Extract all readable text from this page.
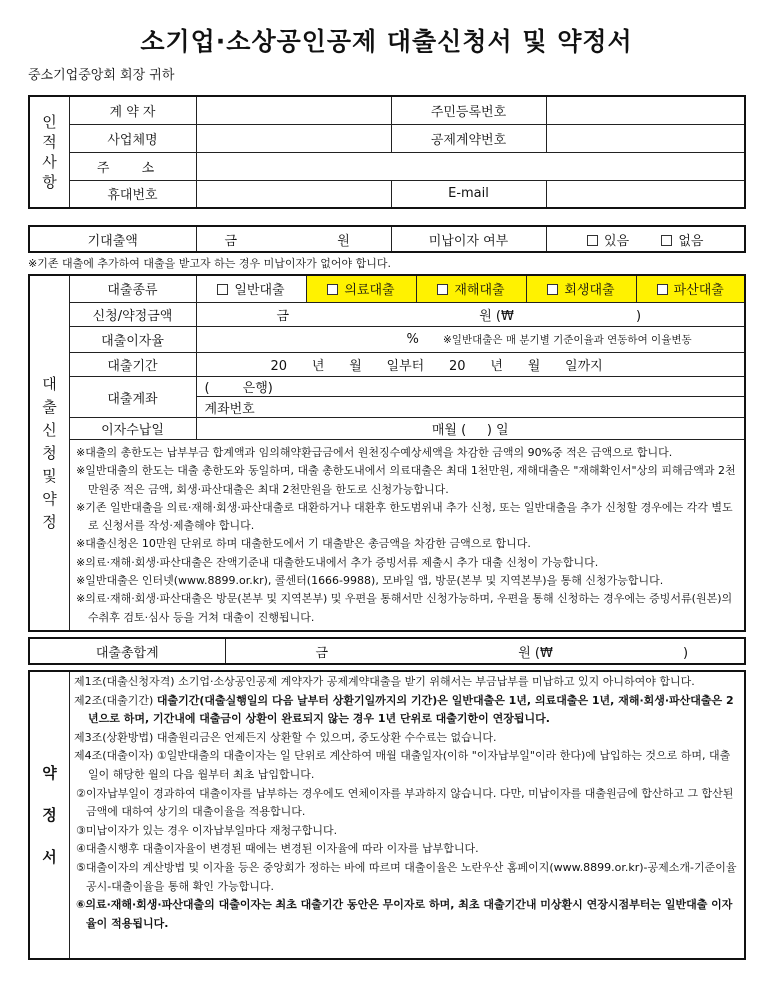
소기업·소상공인공제 대출신청서 및 약정서
중소기업중앙회 회장 귀하
인적사항	계 약 자		주민등록번호	
	사업체명		공제계약번호	
	주 소			
	휴대번호		E-mail	
기대출액	금	원	미납이자 여부	있음	없음
※기존 대출에 추가하여 대출을 받고자 하는 경우 미납이자가 없어야 합니다.
대출신청및약정	대출종류	일반대출	의료대출	재해대출	회생대출	파산대출
	신청/약정금액	금 원 (₩ )				
	대출이자율	% ※일반대출은 매 분기별 기준이율과 연동하여 이율변동				
	대출기간	20      년      월      일부터      20      년      월      일까지				
	대출계좌	(        은행)				
		계좌번호				
	이자수납일	매월 (     ) 일				

※대출의 총한도는 납부부금 합계액과 임의해약환급금에서 원천징수예상세액을 차감한 금액의 90%중 적은 금액으로 합니다.

※일반대출의 한도는 대출 총한도와 동일하며, 대출 총한도내에서 의료대출은 최대 1천만원, 재해대출은 "재해확인서"상의 피해금액과 2천만원중 적은 금액, 회생·파산대출은 최대 2천만원을 한도로 신청가능합니다.

※기존 일반대출을 의료·재해·회생·파산대출로 대환하거나 대환후 한도범위내 추가 신청, 또는 일반대출을 추가 신청할 경우에는 각각 별도로 신청서를 작성·제출해야 합니다.

※대출신청은 10만원 단위로 하며 대출한도에서 기 대출받은 총금액을 차감한 금액으로 합니다.

※의료·재해·회생·파산대출은 잔액기준내 대출한도내에서 추가 증빙서류 제출시 추가 대출 신청이 가능합니다.

※일반대출은 인터넷(www.8899.or.kr), 콜센터(1666-9988), 모바일 앱, 방문(본부 및 지역본부)을 통해 신청가능합니다.

※의료·재해·회생·파산대출은 방문(본부 및 지역본부) 및 우편을 통해서만 신청가능하며, 우편을 통해 신청하는 경우에는 증빙서류(원본)의 수취후 검토·심사 등을 거쳐 대출이 진행됩니다.

대출총합계	금	원 (₩	)
약정서

제1조(대출신청자격) 소기업·소상공인공제 계약자가 공제계약대출을 받기 위해서는 부금납부를 미납하고 있지 아니하여야 합니다.

제2조(대출기간) 대출기간(대출실행일의 다음 날부터 상환기일까지의 기간)은 일반대출은 1년, 의료대출은 1년, 재해·회생·파산대출은 2년으로 하며, 기간내에 대출금이 상환이 완료되지 않는 경우 1년 단위로 대출기한이 연장됩니다.

제3조(상환방법) 대출원리금은 언제든지 상환할 수 있으며, 중도상환 수수료는 없습니다.

제4조(대출이자) ①일반대출의 대출이자는 일 단위로 계산하여 매월 대출일자(이하 "이자납부일"이라 한다)에 납입하는 것으로 하며, 대출일이 해당한 월의 다음 월부터 최초 납입합니다.

②이자납부일이 경과하여 대출이자를 납부하는 경우에도 연체이자를 부과하지 않습니다. 다만, 미납이자를 대출원금에 합산하고 그 합산된 금액에 대하여 상기의 대출이율을 적용합니다.

③미납이자가 있는 경우 이자납부일마다 재청구합니다.

④대출시행후 대출이자율이 변경된 때에는 변경된 이자율에 따라 이자를 납부합니다.

⑤대출이자의 계산방법 및 이자율 등은 중앙회가 정하는 바에 따르며 대출이율은 노란우산 홈페이지(www.8899.or.kr)-공제소개-기준이율공시-대출이율을 통해 확인 가능합니다.

⑥의료·재해·회생·파산대출의 대출이자는 최초 대출기간 동안은 무이자로 하며, 최초 대출기간내 미상환시 연장시점부터는 일반대출 이자율이 적용됩니다.
